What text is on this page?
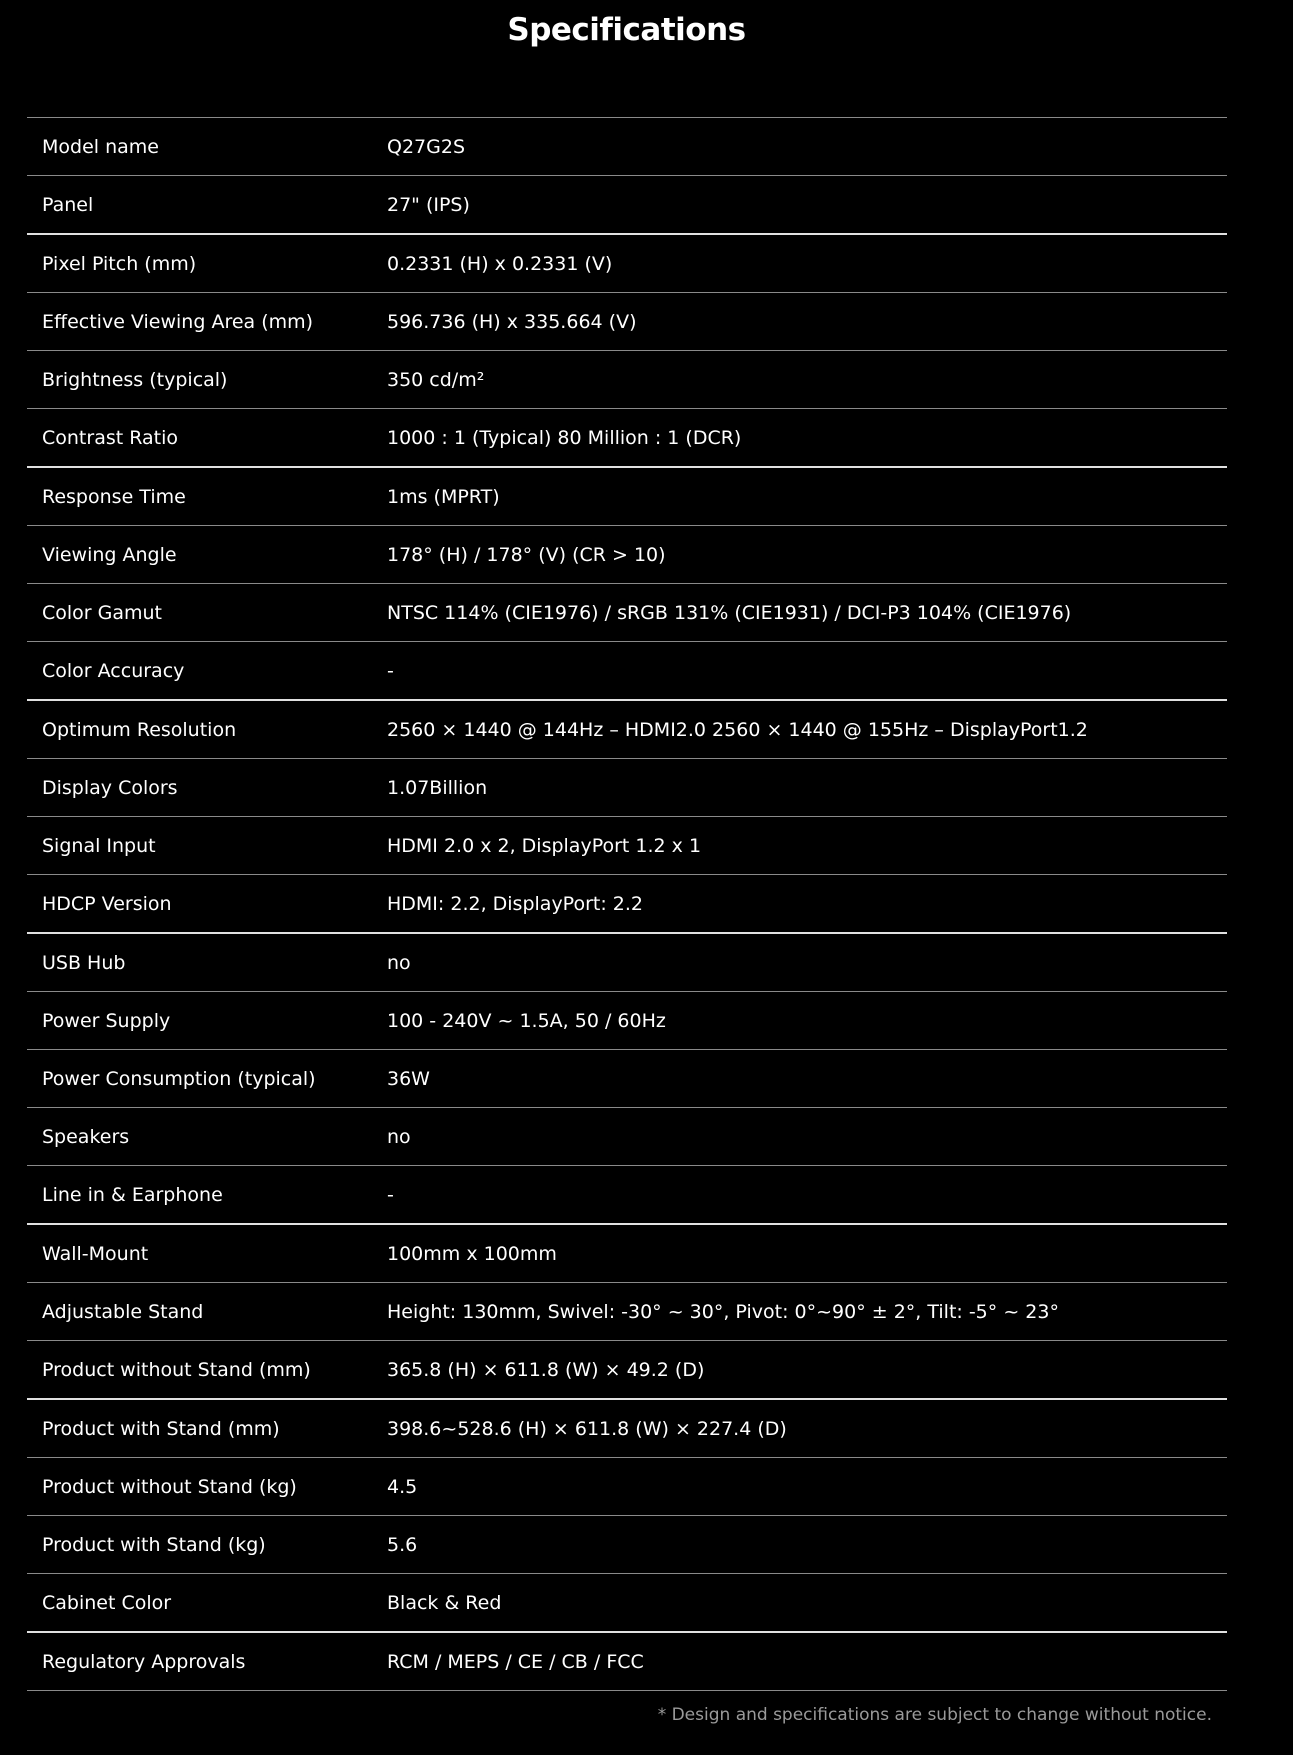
Specifications
Model name	Q27G2S
Panel	27" (IPS)
Pixel Pitch (mm)	0.2331 (H) x 0.2331 (V)
Effective Viewing Area (mm)	596.736 (H) x 335.664 (V)
Brightness (typical)	350 cd/m²
Contrast Ratio	1000 : 1 (Typical) 80 Million : 1 (DCR)
Response Time	1ms (MPRT)
Viewing Angle	178° (H) / 178° (V) (CR > 10)
Color Gamut	NTSC 114% (CIE1976) / sRGB 131% (CIE1931) / DCI-P3 104% (CIE1976)
Color Accuracy	-
Optimum Resolution	2560 × 1440 @ 144Hz – HDMI2.0 2560 × 1440 @ 155Hz – DisplayPort1.2
Display Colors	1.07Billion
Signal Input	HDMI 2.0 x 2, DisplayPort 1.2 x 1
HDCP Version	HDMI: 2.2, DisplayPort: 2.2
USB Hub	no
Power Supply	100 - 240V ~ 1.5A, 50 / 60Hz
Power Consumption (typical)	36W
Speakers	no
Line in & Earphone	-
Wall-Mount	100mm x 100mm
Adjustable Stand	Height: 130mm, Swivel: -30° ~ 30°, Pivot: 0°~90° ± 2°, Tilt: -5° ~ 23°
Product without Stand (mm)	365.8 (H) × 611.8 (W) × 49.2 (D)
Product with Stand (mm)	398.6~528.6 (H) × 611.8 (W) × 227.4 (D)
Product without Stand (kg)	4.5
Product with Stand (kg)	5.6
Cabinet Color	Black & Red
Regulatory Approvals	RCM / MEPS / CE / CB / FCC

* Design and specifications are subject to change without notice.
